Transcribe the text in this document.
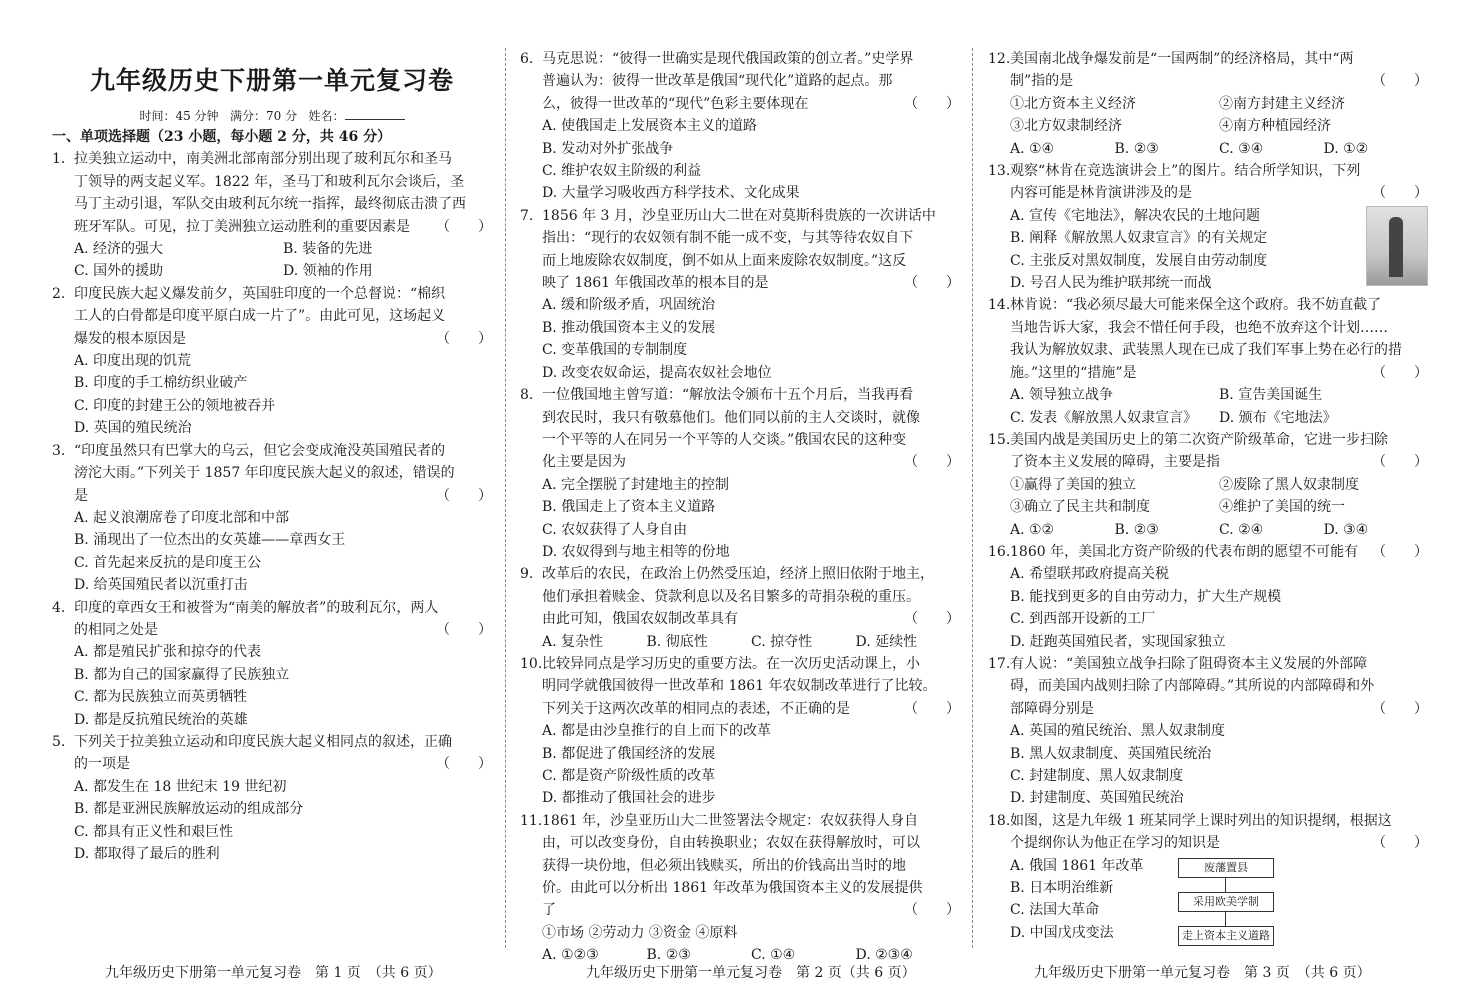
九年级历史下册第一单元复习卷
时间：45 分钟 满分：70 分 姓名：
一、单项选择题（23 小题，每小题 2 分，共 46 分）
1. 拉美独立运动中，南美洲北部南部分别出现了玻利瓦尔和圣马
丁领导的两支起义军。1822 年，圣马丁和玻利瓦尔会谈后，圣
马丁主动引退，军队交由玻利瓦尔统一指挥，最终彻底击溃了西
班牙军队。可见，拉丁美洲独立运动胜利的重要因素是 （　　）
A. 经济的强大	B. 装备的先进
C. 国外的援助	D. 领袖的作用
2. 印度民族大起义爆发前夕，英国驻印度的一个总督说：“棉织
工人的白骨都是印度平原白成一片了”。由此可见，这场起义
爆发的根本原因是	（　　）
A. 印度出现的饥荒
B. 印度的手工棉纺织业破产
C. 印度的封建王公的领地被吞并
D. 英国的殖民统治
3. “印度虽然只有巴掌大的乌云，但它会变成淹没英国殖民者的
滂沱大雨。”下列关于 1857 年印度民族大起义的叙述，错误的
是	（　　）
A. 起义浪潮席卷了印度北部和中部
B. 涌现出了一位杰出的女英雄——章西女王
C. 首先起来反抗的是印度王公
D. 给英国殖民者以沉重打击
4. 印度的章西女王和被誉为“南美的解放者”的玻利瓦尔，两人
的相同之处是	（　　）
A. 都是殖民扩张和掠夺的代表
B. 都为自己的国家赢得了民族独立
C. 都为民族独立而英勇牺牲
D. 都是反抗殖民统治的英雄
5. 下列关于拉美独立运动和印度民族大起义相同点的叙述，正确
的一项是	（　　）
A. 都发生在 18 世纪末 19 世纪初
B. 都是亚洲民族解放运动的组成部分
C. 都具有正义性和艰巨性
D. 都取得了最后的胜利
6. 马克思说：“彼得一世确实是现代俄国政策的创立者。”史学界
普遍认为：彼得一世改革是俄国“现代化”道路的起点。那
么，彼得一世改革的“现代”色彩主要体现在	（　　）
A. 使俄国走上发展资本主义的道路
B. 发动对外扩张战争
C. 维护农奴主阶级的利益
D. 大量学习吸收西方科学技术、文化成果
7. 1856 年 3 月，沙皇亚历山大二世在对莫斯科贵族的一次讲话中
指出：“现行的农奴领有制不能一成不变，与其等待农奴自下
而上地废除农奴制度，倒不如从上面来废除农奴制度。”这反
映了 1861 年俄国改革的根本目的是	（　　）
A. 缓和阶级矛盾，巩固统治
B. 推动俄国资本主义的发展
C. 变革俄国的专制制度
D. 改变农奴命运，提高农奴社会地位
8. 一位俄国地主曾写道：“解放法令颁布十五个月后，当我再看
到农民时，我只有敬慕他们。他们同以前的主人交谈时，就像
一个平等的人在同另一个平等的人交谈。”俄国农民的这种变
化主要是因为	（　　）
A. 完全摆脱了封建地主的控制
B. 俄国走上了资本主义道路
C. 农奴获得了人身自由
D. 农奴得到与地主相等的份地
9. 改革后的农民，在政治上仍然受压迫，经济上照旧依附于地主，
他们承担着赎金、贷款利息以及名目繁多的苛捐杂税的重压。
由此可知，俄国农奴制改革具有	（　　）
A. 复杂性	B. 彻底性	C. 掠夺性	D. 延续性
10. 比较异同点是学习历史的重要方法。在一次历史活动课上，小
明同学就俄国彼得一世改革和 1861 年农奴制改革进行了比较。
下列关于这两次改革的相同点的表述，不正确的是	（　　）
A. 都是由沙皇推行的自上而下的改革
B. 都促进了俄国经济的发展
C. 都是资产阶级性质的改革
D. 都推动了俄国社会的进步
11. 1861 年，沙皇亚历山大二世签署法令规定：农奴获得人身自
由，可以改变身份，自由转换职业；农奴在获得解放时，可以
获得一块份地，但必须出钱赎买，所出的价钱高出当时的地
价。由此可以分析出 1861 年改革为俄国资本主义的发展提供
了	（　　）
①市场 ②劳动力 ③资金 ④原料
A. ①②③	B. ②③	C. ①④	D. ②③④
12. 美国南北战争爆发前是“一国两制”的经济格局，其中“两
制”指的是	（　　）
①北方资本主义经济	②南方封建主义经济
③北方奴隶制经济	④南方种植园经济
A. ①④	B. ②③	C. ③④	D. ①②
13. 观察“林肯在竞选演讲会上”的图片。结合所学知识，下列
内容可能是林肯演讲涉及的是	（　　）
A. 宣传《宅地法》，解决农民的土地问题
B. 阐释《解放黑人奴隶宣言》的有关规定
C. 主张反对黑奴制度，发展自由劳动制度
D. 号召人民为维护联邦统一而战
14. 林肯说：“我必须尽最大可能来保全这个政府。我不妨直截了
当地告诉大家，我会不惜任何手段，也绝不放弃这个计划……
我认为解放奴隶、武装黑人现在已成了我们军事上势在必行的措
施。”这里的“措施”是	（　　）
A. 领导独立战争	B. 宣告美国诞生
C. 发表《解放黑人奴隶宣言》	D. 颁布《宅地法》
15. 美国内战是美国历史上的第二次资产阶级革命，它进一步扫除
了资本主义发展的障碍，主要是指	（　　）
①赢得了美国的独立	②废除了黑人奴隶制度
③确立了民主共和制度	④维护了美国的统一
A. ①②	B. ②③	C. ②④	D. ③④
16. 1860 年，美国北方资产阶级的代表布朗的愿望不可能有 （　　）
A. 希望联邦政府提高关税
B. 能找到更多的自由劳动力，扩大生产规模
C. 到西部开设新的工厂
D. 赶跑英国殖民者，实现国家独立
17. 有人说：“美国独立战争扫除了阻碍资本主义发展的外部障
碍，而美国内战则扫除了内部障碍。”其所说的内部障碍和外
部障碍分别是	（　　）
A. 英国的殖民统治、黑人奴隶制度
B. 黑人奴隶制度、英国殖民统治
C. 封建制度、黑人奴隶制度
D. 封建制度、英国殖民统治
18. 如图，这是九年级 1 班某同学上课时列出的知识提纲，根据这
个提纲你认为他正在学习的知识是	（　　）
A. 俄国 1861 年改革
B. 日本明治维新
C. 法国大革命
D. 中国戊戌变法
废藩置县
采用欧美学制
走上资本主义道路
九年级历史下册第一单元复习卷　第 1 页　（共 6 页）	九年级历史下册第一单元复习卷　第 2 页（共 6 页）	九年级历史下册第一单元复习卷　第 3 页　（共 6 页）
